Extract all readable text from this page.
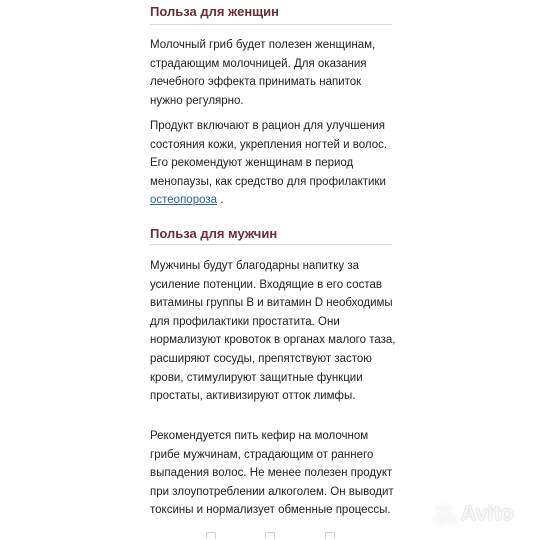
Польза для женщин

Молочный гриб будет полезен женщинам, страдающим молочницей. Для оказания лечебного эффекта принимать напиток нужно регулярно.

Продукт включают в рацион для улучшения состояния кожи, укрепления ногтей и волос. Его рекомендуют женщинам в период менопаузы, как средство для профилактики остеопороза .

Польза для мужчин

Мужчины будут благодарны напитку за усиление потенции. Входящие в его состав витамины группы В и витамин D необходимы для профилактики простатита. Они нормализуют кровоток в органах малого таза, расширяют сосуды, препятствуют застою крови, стимулируют защитные функции простаты, активизируют отток лимфы.

Рекомендуется пить кефир на молочном грибе мужчинам, страдающим от раннего выпадения волос. Не менее полезен продукт при злоупотреблении алкоголем. Он выводит токсины и нормализует обменные процессы.	Avito
